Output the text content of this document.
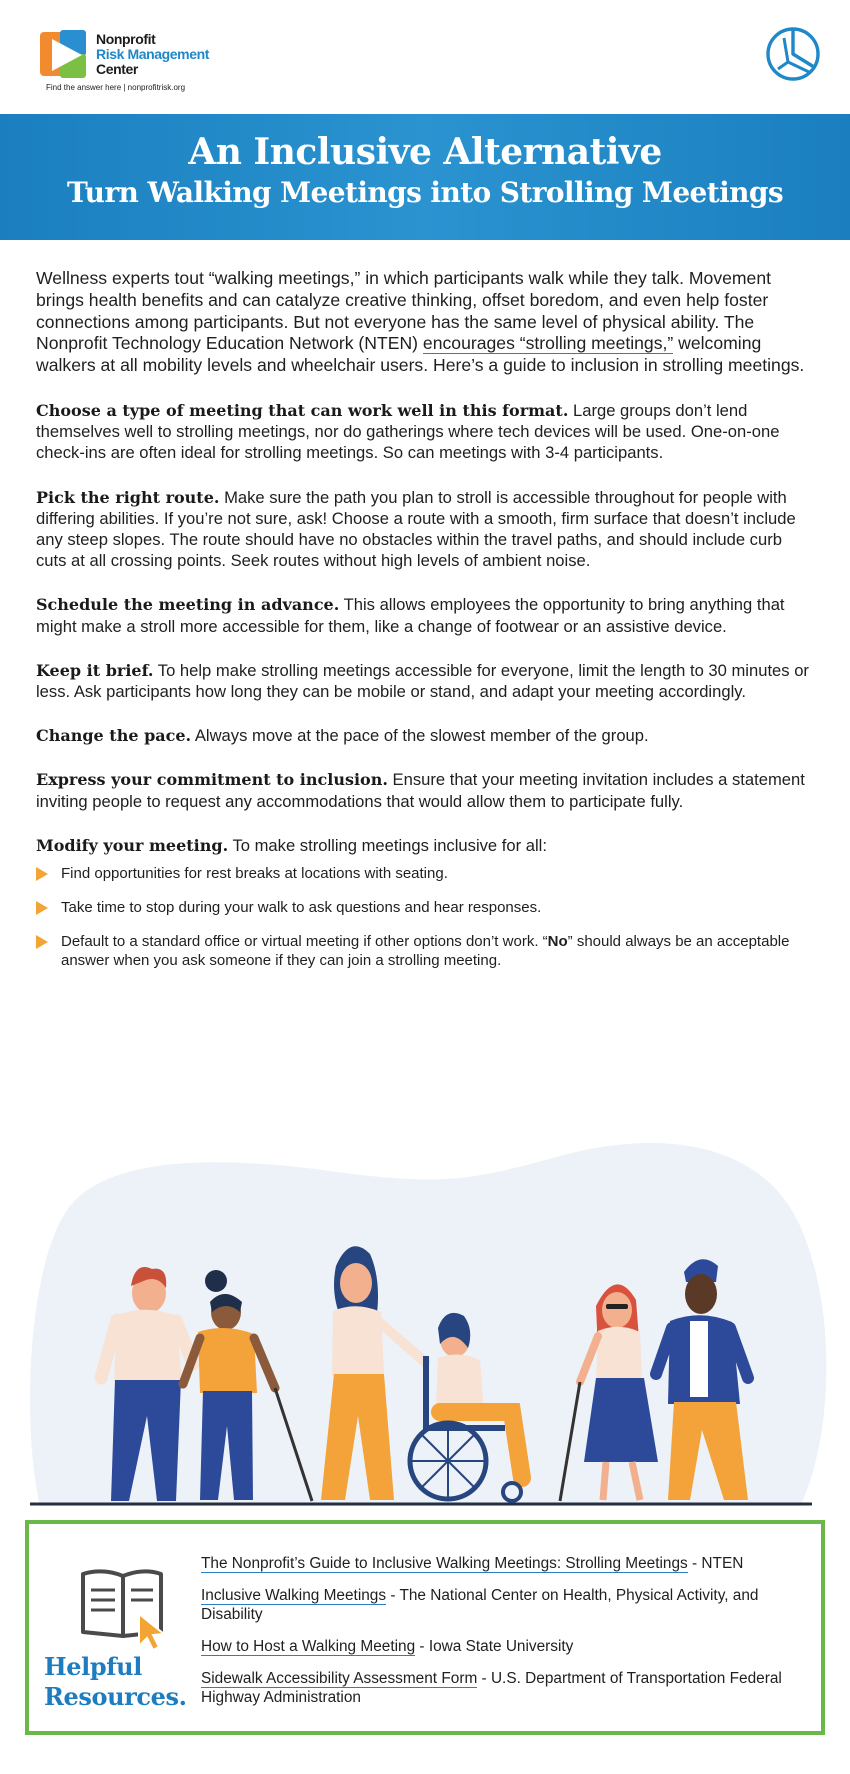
Nonprofit
Risk Management
Center
Find the answer here | nonprofitrisk.org
An Inclusive Alternative
Turn Walking Meetings into Strolling Meetings

Wellness experts tout “walking meetings,” in which participants walk while they talk. Movement brings health benefits and can catalyze creative thinking, offset boredom, and even help foster connections among participants. But not everyone has the same level of physical ability. The Nonprofit Technology Education Network (NTEN) encourages “strolling meetings,” welcoming walkers at all mobility levels and wheelchair users. Here’s a guide to inclusion in strolling meetings.

Choose a type of meeting that can work well in this format. Large groups don’t lend themselves well to strolling meetings, nor do gatherings where tech devices will be used. One-on-one check-ins are often ideal for strolling meetings. So can meetings with 3-4 participants.

Pick the right route. Make sure the path you plan to stroll is accessible throughout for people with differing abilities. If you’re not sure, ask! Choose a route with a smooth, firm surface that doesn’t include any steep slopes. The route should have no obstacles within the travel paths, and should include curb cuts at all crossing points. Seek routes without high levels of ambient noise.

Schedule the meeting in advance. This allows employees the opportunity to bring anything that might make a stroll more accessible for them, like a change of footwear or an assistive device.

Keep it brief. To help make strolling meetings accessible for everyone, limit the length to 30 minutes or less. Ask participants how long they can be mobile or stand, and adapt your meeting accordingly.

Change the pace. Always move at the pace of the slowest member of the group.

Express your commitment to inclusion. Ensure that your meeting invitation includes a statement inviting people to request any accommodations that would allow them to participate fully.

Modify your meeting. To make strolling meetings inclusive for all:

Find opportunities for rest breaks at locations with seating.
Take time to stop during your walk to ask questions and hear responses.
Default to a standard office or virtual meeting if other options don’t work. “No” should always be an acceptable answer when you ask someone if they can join a strolling meeting.
Helpful
Resources.
The Nonprofit’s Guide to Inclusive Walking Meetings: Strolling Meetings - NTEN
Inclusive Walking Meetings - The National Center on Health, Physical Activity, and Disability
How to Host a Walking Meeting - Iowa State University
Sidewalk Accessibility Assessment Form - U.S. Department of Transportation Federal Highway Administration
